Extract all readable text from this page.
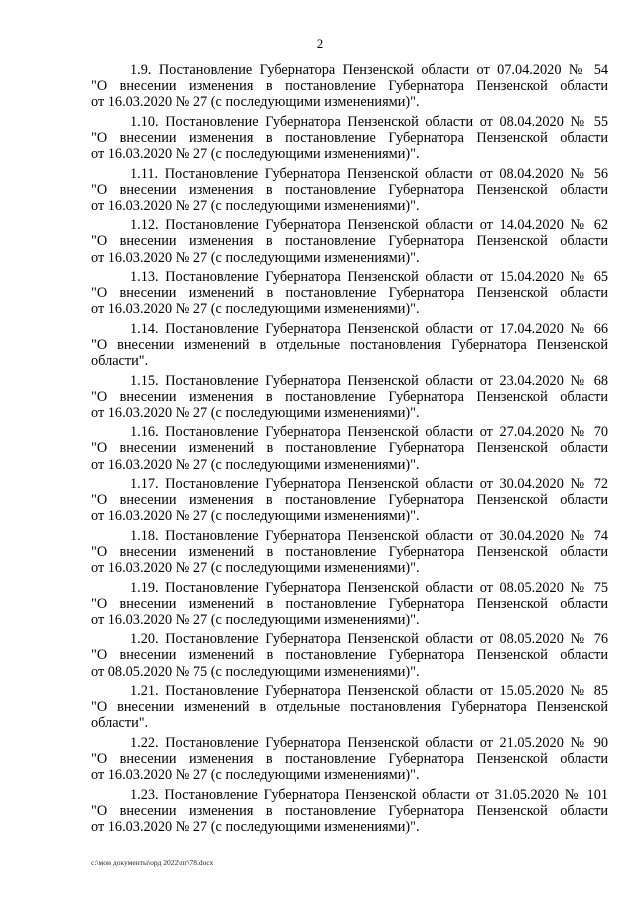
2
1.9. Постановление Губернатора Пензенской области от 07.04.2020 № 54
"О внесении изменения в постановление Губернатора Пензенской области
от 16.03.2020 № 27 (с последующими изменениями)".
1.10. Постановление Губернатора Пензенской области от 08.04.2020 № 55
"О внесении изменения в постановление Губернатора Пензенской области
от 16.03.2020 № 27 (с последующими изменениями)".
1.11. Постановление Губернатора Пензенской области от 08.04.2020 № 56
"О внесении изменения в постановление Губернатора Пензенской области
от 16.03.2020 № 27 (с последующими изменениями)".
1.12. Постановление Губернатора Пензенской области от 14.04.2020 № 62
"О внесении изменения в постановление Губернатора Пензенской области
от 16.03.2020 № 27 (с последующими изменениями)".
1.13. Постановление Губернатора Пензенской области от 15.04.2020 № 65
"О внесении изменений в постановление Губернатора Пензенской области
от 16.03.2020 № 27 (с последующими изменениями)".
1.14. Постановление Губернатора Пензенской области от 17.04.2020 № 66
"О внесении изменений в отдельные постановления Губернатора Пензенской
области".
1.15. Постановление Губернатора Пензенской области от 23.04.2020 № 68
"О внесении изменения в постановление Губернатора Пензенской области
от 16.03.2020 № 27 (с последующими изменениями)".
1.16. Постановление Губернатора Пензенской области от 27.04.2020 № 70
"О внесении изменений в постановление Губернатора Пензенской области
от 16.03.2020 № 27 (с последующими изменениями)".
1.17. Постановление Губернатора Пензенской области от 30.04.2020 № 72
"О внесении изменения в постановление Губернатора Пензенской области
от 16.03.2020 № 27 (с последующими изменениями)".
1.18. Постановление Губернатора Пензенской области от 30.04.2020 № 74
"О внесении изменений в постановление Губернатора Пензенской области
от 16.03.2020 № 27 (с последующими изменениями)".
1.19. Постановление Губернатора Пензенской области от 08.05.2020 № 75
"О внесении изменений в постановление Губернатора Пензенской области
от 16.03.2020 № 27 (с последующими изменениями)".
1.20. Постановление Губернатора Пензенской области от 08.05.2020 № 76
"О внесении изменений в постановление Губернатора Пензенской области
от 08.05.2020 № 75 (с последующими изменениями)".
1.21. Постановление Губернатора Пензенской области от 15.05.2020 № 85
"О внесении изменений в отдельные постановления Губернатора Пензенской
области".
1.22. Постановление Губернатора Пензенской области от 21.05.2020 № 90
"О внесении изменения в постановление Губернатора Пензенской области
от 16.03.2020 № 27 (с последующими изменениями)".
1.23. Постановление Губернатора Пензенской области от 31.05.2020 № 101
"О внесении изменения в постановление Губернатора Пензенской области
от 16.03.2020 № 27 (с последующими изменениями)".
c:\мои документы\орд 2022\пг\78.docx
